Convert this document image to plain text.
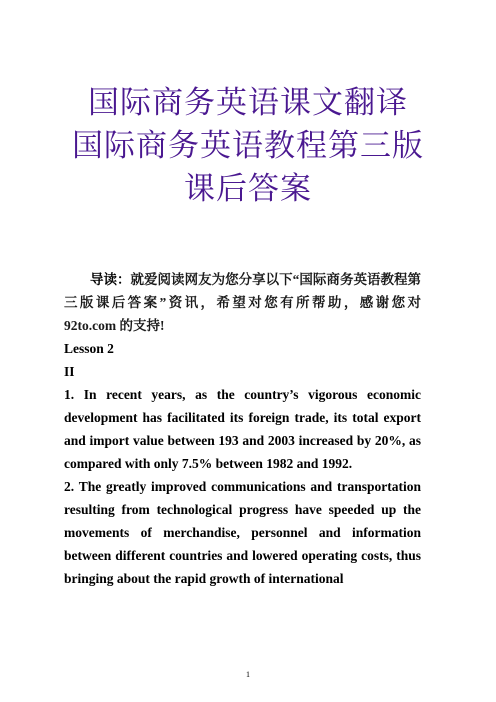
国际商务英语课文翻译
国际商务英语教程第三版
课后答案

导读：就爱阅读网友为您分享以下“国际商务英语教程第三版课后答案”资讯，希望对您有所帮助，感谢您对 92to.com 的支持!

Lesson 2

II

1. In recent years, as the country’s vigorous economic development has facilitated its foreign trade, its total export and import value between 193 and 2003 increased by 20%, as compared with only 7.5% between 1982 and 1992.

2. The greatly improved communications and transportation resulting from technological progress have speeded up the movements of merchandise, personnel and information between different countries and lowered operating costs, thus bringing about the rapid growth of international

1
